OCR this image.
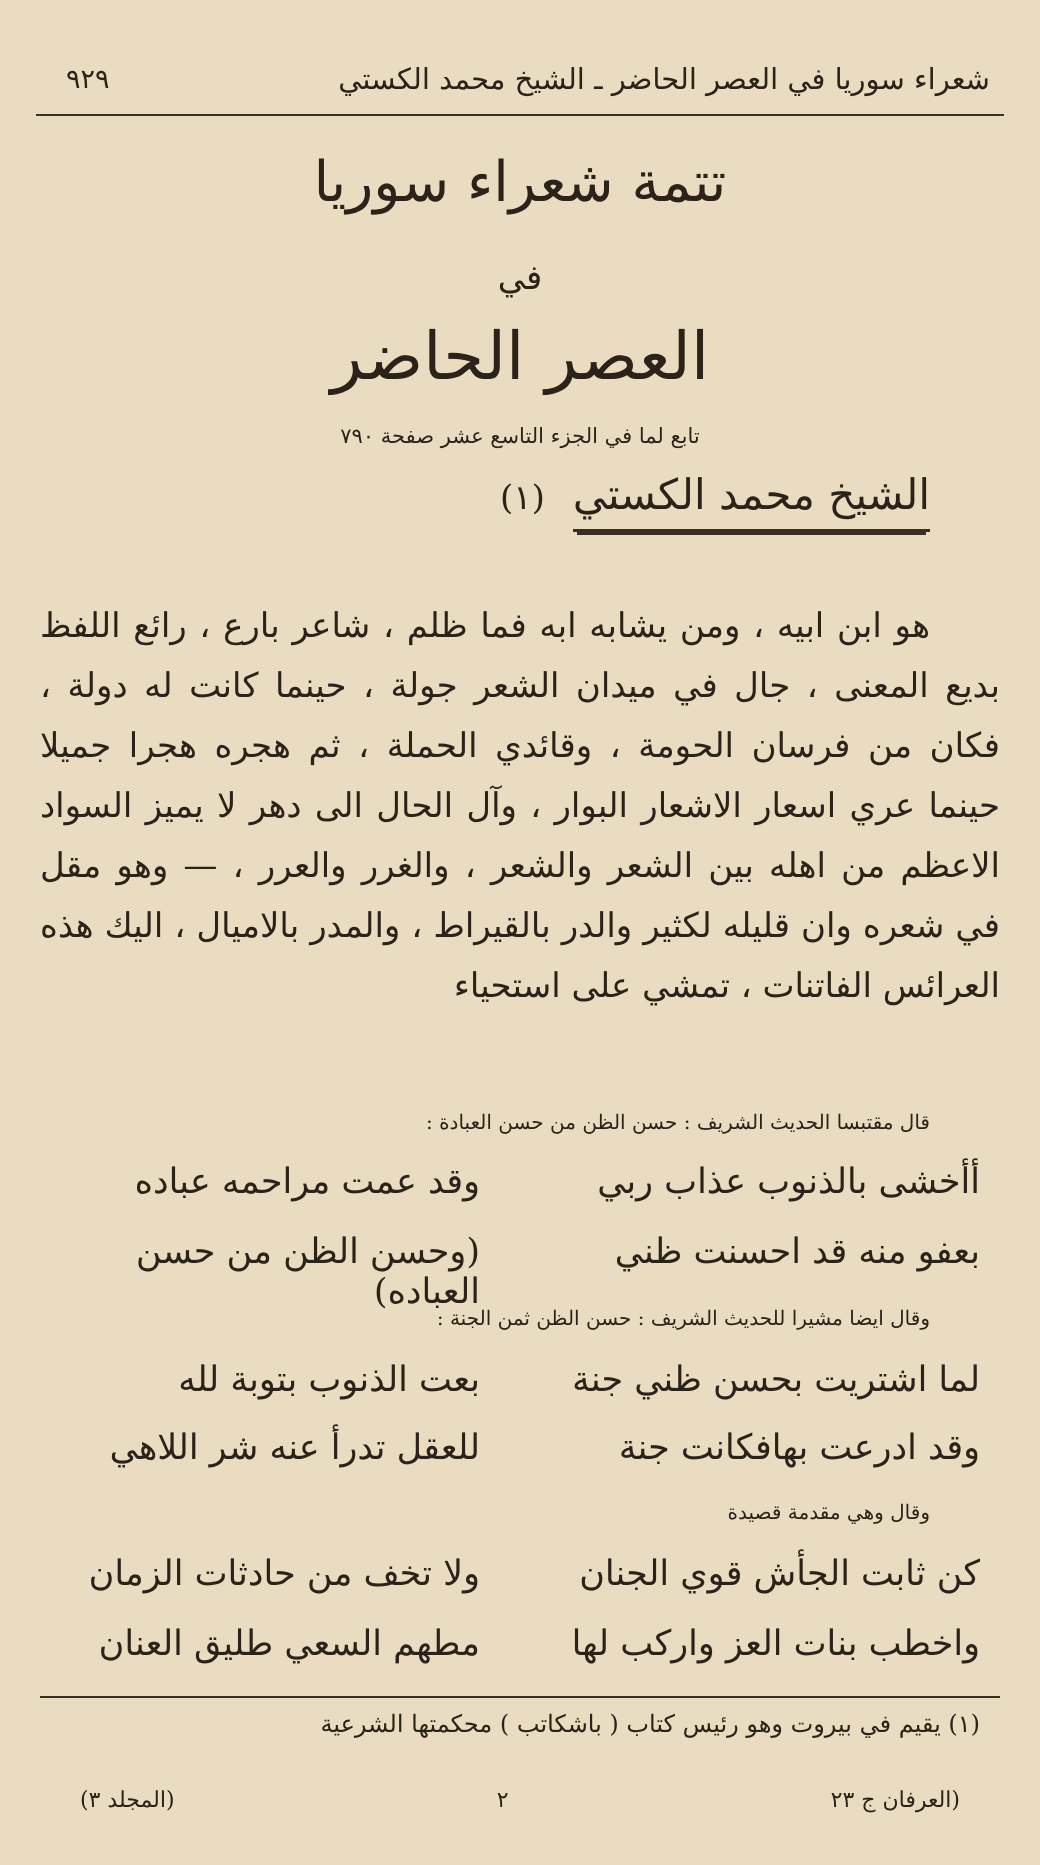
شعراء سوريا في العصر الحاضر ـ الشيخ محمد الكستي
٩٢٩
تتمة شعراء سوريا
في
العصر الحاضر
تابع لما في الجزء التاسع عشر صفحة ٧٩٠
الشيخ محمد الكستي
(١)

هو ابن ابيه ، ومن يشابه ابه فما ظلم ، شاعر بارع ، رائع اللفظ بديع المعنى ، جال في ميدان الشعر جولة ، حينما كانت له دولة ، فكان من فرسان الحومة ، وقائدي الحملة ، ثم هجره هجرا جميلا حينما عري اسعار الاشعار البوار ، وآل الحال الى دهر لا يميز السواد الاعظم من اهله بين الشعر والشعر ، والغرر والعرر ، — وهو مقل في شعره وان قليله لكثير والدر بالقيراط ، والمدر بالاميال ، اليك هذه العرائس الفاتنات ، تمشي على استحياء

قال مقتبسا الحديث الشريف : حسن الظن من حسن العبادة :
أأخشى بالذنوب عذاب ربي
وقد عمت مراحمه عباده
بعفو منه قد احسنت ظني
(وحسن الظن من حسن العباده)
وقال ايضا مشيرا للحديث الشريف : حسن الظن ثمن الجنة :
لما اشتريت بحسن ظني جنة
بعت الذنوب بتوبة لله
وقد ادرعت بهافكانت جنة
للعقل تدرأ عنه شر اللاهي
وقال وهي مقدمة قصيدة
كن ثابت الجأش قوي الجنان
ولا تخف من حادثات الزمان
واخطب بنات العز واركب لها
مطهم السعي طليق العنان
(١) يقيم في بيروت وهو رئيس كتاب ( باشكاتب ) محكمتها الشرعية
(العرفان ج ٢٣
٢
(المجلد ٣)
